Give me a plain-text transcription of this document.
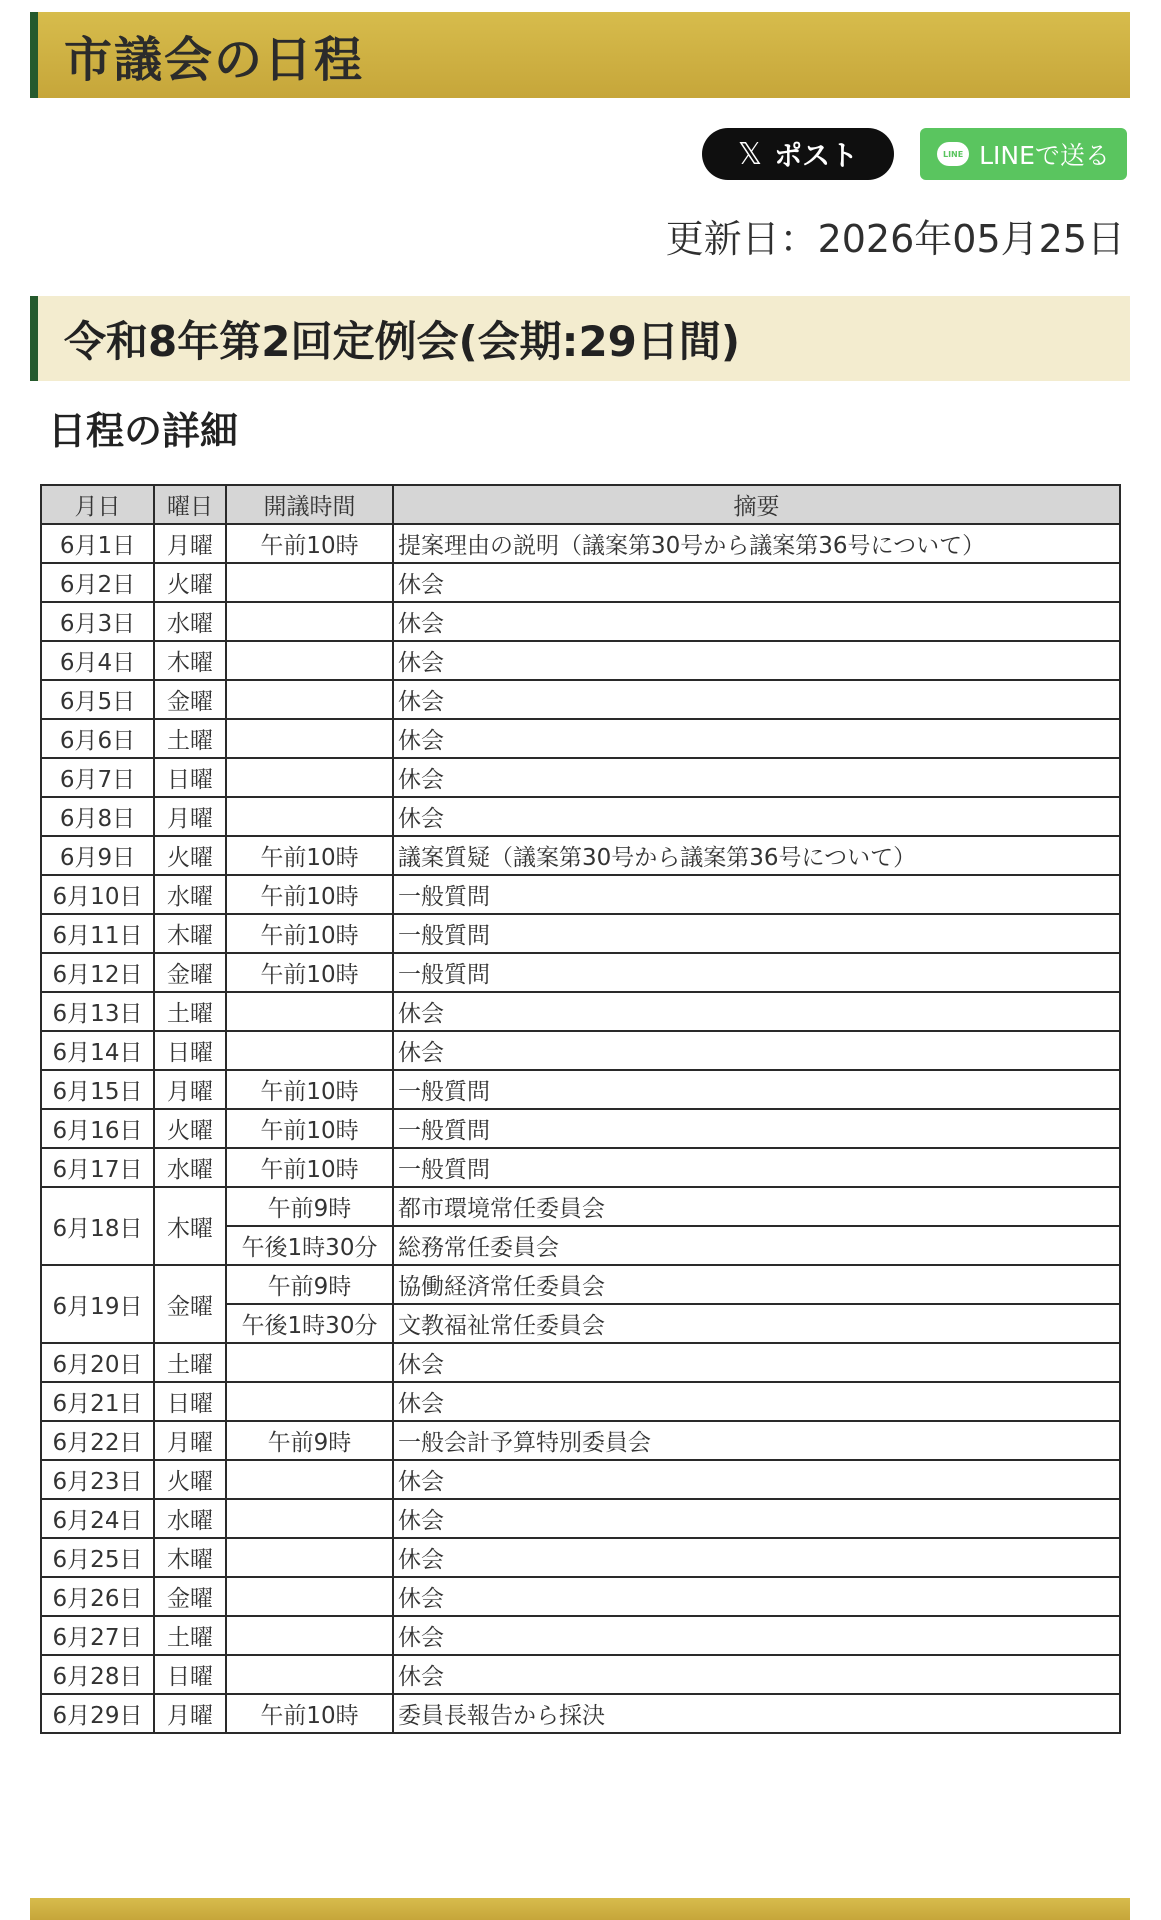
市議会の日程
𝕏 ポスト	LINE LINEで送る
更新日：2026年05月25日
令和8年第2回定例会(会期:29日間)
日程の詳細
月日	曜日	開議時間	摘要
6月1日	月曜	午前10時	提案理由の説明（議案第30号から議案第36号について）
6月2日	火曜		休会
6月3日	水曜		休会
6月4日	木曜		休会
6月5日	金曜		休会
6月6日	土曜		休会
6月7日	日曜		休会
6月8日	月曜		休会
6月9日	火曜	午前10時	議案質疑（議案第30号から議案第36号について）
6月10日	水曜	午前10時	一般質問
6月11日	木曜	午前10時	一般質問
6月12日	金曜	午前10時	一般質問
6月13日	土曜		休会
6月14日	日曜		休会
6月15日	月曜	午前10時	一般質問
6月16日	火曜	午前10時	一般質問
6月17日	水曜	午前10時	一般質問
6月18日	木曜	午前9時	都市環境常任委員会
		午後1時30分	総務常任委員会
6月19日	金曜	午前9時	協働経済常任委員会
		午後1時30分	文教福祉常任委員会
6月20日	土曜		休会
6月21日	日曜		休会
6月22日	月曜	午前9時	一般会計予算特別委員会
6月23日	火曜		休会
6月24日	水曜		休会
6月25日	木曜		休会
6月26日	金曜		休会
6月27日	土曜		休会
6月28日	日曜		休会
6月29日	月曜	午前10時	委員長報告から採決
